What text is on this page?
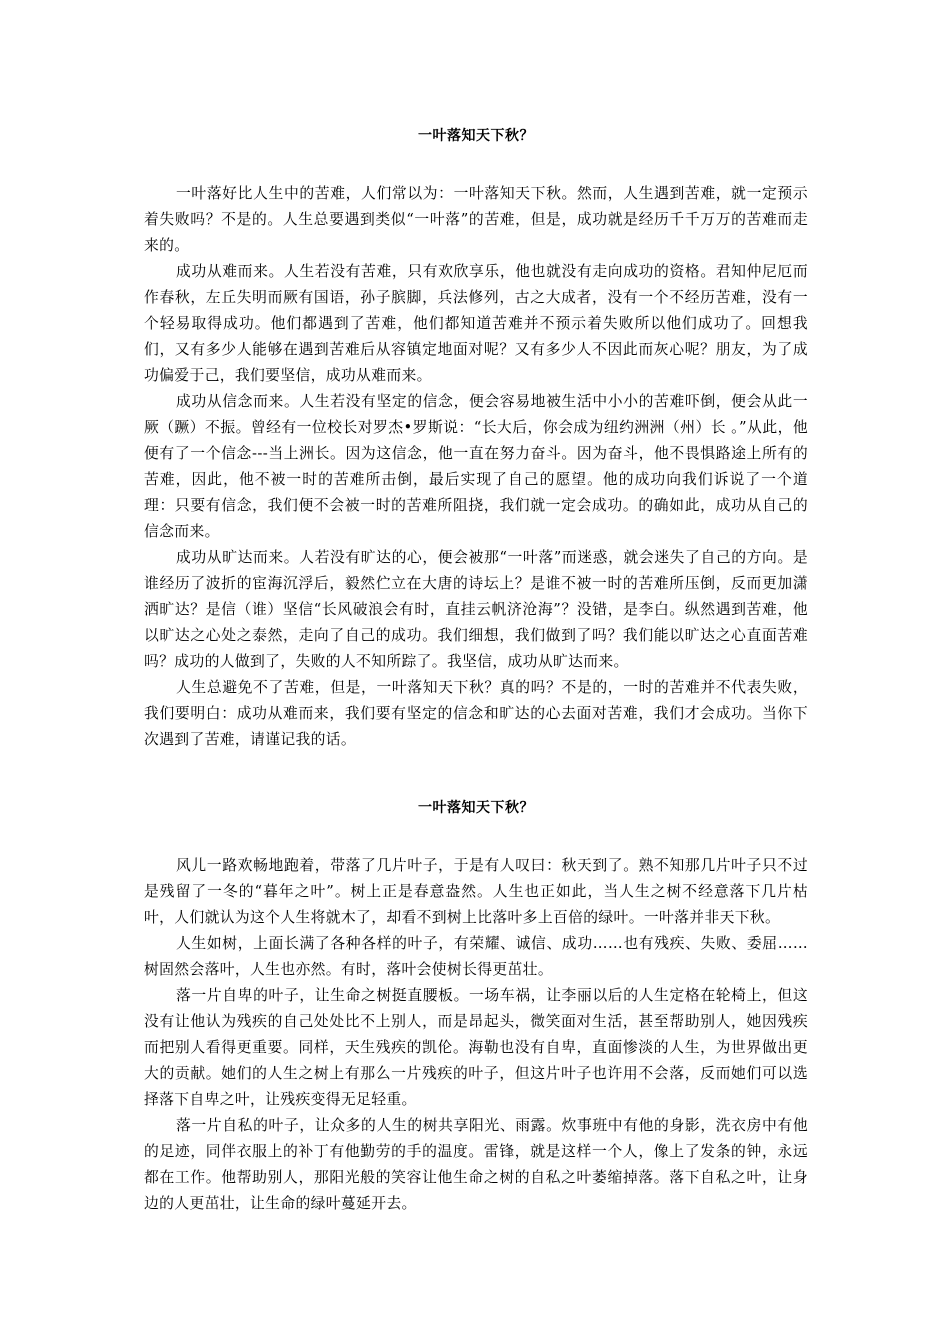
一叶落知天下秋？

一叶落好比人生中的苦难，人们常以为：一叶落知天下秋。然而，人生遇到苦难，就一定预示着失败吗？不是的。人生总要遇到类似“一叶落”的苦难，但是，成功就是经历千千万万的苦难而走来的。

成功从难而来。人生若没有苦难，只有欢欣享乐，他也就没有走向成功的资格。君知仲尼厄而作春秋，左丘失明而厥有国语，孙子膑脚，兵法修列，古之大成者，没有一个不经历苦难，没有一个轻易取得成功。他们都遇到了苦难，他们都知道苦难并不预示着失败所以他们成功了。回想我们，又有多少人能够在遇到苦难后从容镇定地面对呢？又有多少人不因此而灰心呢？朋友，为了成功偏爱于己，我们要坚信，成功从难而来。

成功从信念而来。人生若没有坚定的信念，便会容易地被生活中小小的苦难吓倒，便会从此一厥（蹶）不振。曾经有一位校长对罗杰•罗斯说：“长大后，你会成为纽约洲洲（州）长 。”从此，他便有了一个信念---当上洲长。因为这信念，他一直在努力奋斗。因为奋斗，他不畏惧路途上所有的苦难，因此，他不被一时的苦难所击倒，最后实现了自己的愿望。他的成功向我们诉说了一个道理：只要有信念，我们便不会被一时的苦难所阻挠，我们就一定会成功。的确如此，成功从自己的信念而来。

成功从旷达而来。人若没有旷达的心，便会被那“一叶落”而迷惑，就会迷失了自己的方向。是谁经历了波折的宦海沉浮后，毅然伫立在大唐的诗坛上？是谁不被一时的苦难所压倒，反而更加潇洒旷达？是信（谁）坚信“长风破浪会有时，直挂云帆济沧海”？没错，是李白。纵然遇到苦难，他以旷达之心处之泰然，走向了自己的成功。我们细想，我们做到了吗？我们能以旷达之心直面苦难吗？成功的人做到了，失败的人不知所踪了。我坚信，成功从旷达而来。

人生总避免不了苦难，但是，一叶落知天下秋？真的吗？不是的，一时的苦难并不代表失败，我们要明白：成功从难而来，我们要有坚定的信念和旷达的心去面对苦难，我们才会成功。当你下次遇到了苦难，请谨记我的话。

一叶落知天下秋？

风儿一路欢畅地跑着，带落了几片叶子，于是有人叹曰：秋天到了。熟不知那几片叶子只不过是残留了一冬的“暮年之叶”。树上正是春意盎然。人生也正如此，当人生之树不经意落下几片枯叶，人们就认为这个人生将就木了，却看不到树上比落叶多上百倍的绿叶。一叶落并非天下秋。

人生如树，上面长满了各种各样的叶子，有荣耀、诚信、成功……也有残疾、失败、委屈……树固然会落叶，人生也亦然。有时，落叶会使树长得更茁壮。

落一片自卑的叶子，让生命之树挺直腰板。一场车祸，让李丽以后的人生定格在轮椅上，但这没有让他认为残疾的自己处处比不上别人，而是昂起头，微笑面对生活，甚至帮助别人，她因残疾而把别人看得更重要。同样，天生残疾的凯伦。海勒也没有自卑，直面惨淡的人生，为世界做出更大的贡献。她们的人生之树上有那么一片残疾的叶子，但这片叶子也许用不会落，反而她们可以选择落下自卑之叶，让残疾变得无足轻重。

落一片自私的叶子，让众多的人生的树共享阳光、雨露。炊事班中有他的身影，洗衣房中有他的足迹，同伴衣服上的补丁有他勤劳的手的温度。雷锋，就是这样一个人，像上了发条的钟，永远都在工作。他帮助别人，那阳光般的笑容让他生命之树的自私之叶萎缩掉落。落下自私之叶，让身边的人更茁壮，让生命的绿叶蔓延开去。
